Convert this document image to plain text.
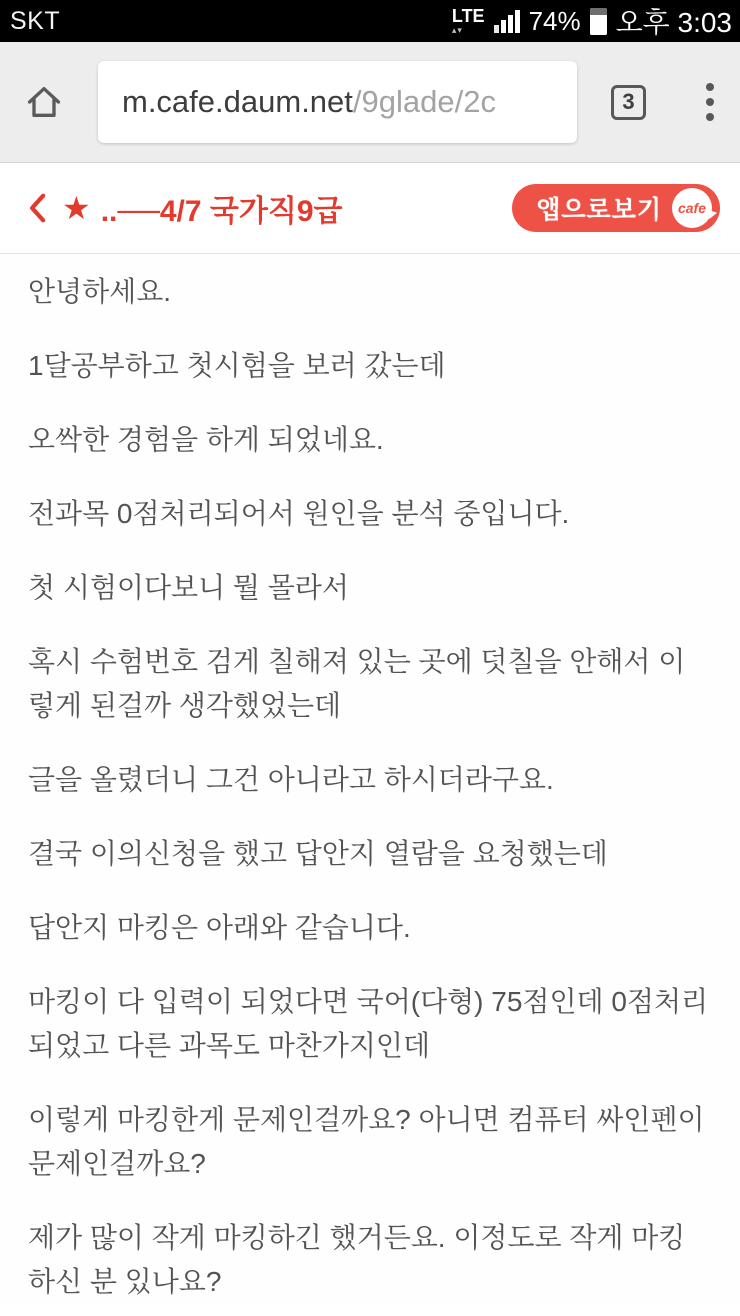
SKT	LTE
▴▾	74% 오후 3:03
m.cafe.daum.net /9glade/2c	3
★ ..──4/7 국가직9급	앱으로보기 cafe

안녕하세요.

1달공부하고 첫시험을 보러 갔는데

오싹한 경험을 하게 되었네요.

전과목 0점처리되어서 원인을 분석 중입니다.

첫 시험이다보니 뭘 몰라서

혹시 수험번호 검게 칠해져 있는 곳에 덧칠을 안해서 이렇게 된걸까 생각했었는데

글을 올렸더니 그건 아니라고 하시더라구요.

결국 이의신청을 했고 답안지 열람을 요청했는데

답안지 마킹은 아래와 같습니다.

마킹이 다 입력이 되었다면 국어(다형) 75점인데 0점처리되었고 다른 과목도 마찬가지인데

이렇게 마킹한게 문제인걸까요? 아니면 컴퓨터 싸인펜이 문제인걸까요?

제가 많이 작게 마킹하긴 했거든요. 이정도로 작게 마킹하신 분 있나요?
